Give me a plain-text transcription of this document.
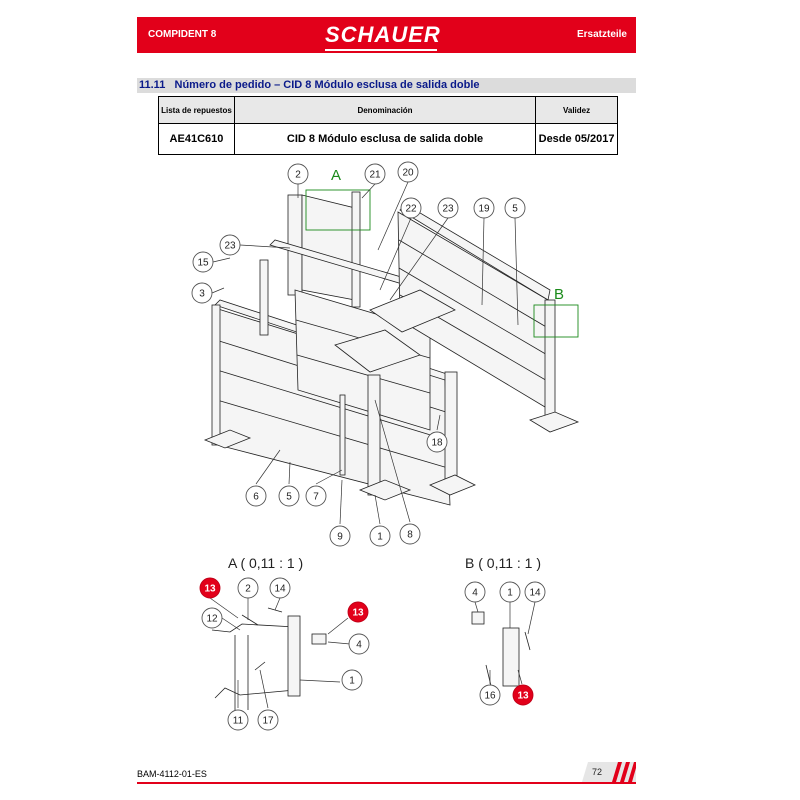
COMPIDENT 8	SCHAUER	Ersatzteile
11.11 Número de pedido – CID 8 Módulo esclusa de salida doble
Lista de repuestos	Denominación	Validez
AE41C610	CID 8 Módulo esclusa de salida doble	Desde 05/2017
A
B
2	21 20
22	23 19 5
23
15
3
18
6	5 7
9	1 8
A ( 0,11 : 1 )
13	2 14
12
13
4
1
11 17
B ( 0,11 : 1 )
4	1 14
16 13
BAM-4112-01-ES	72
